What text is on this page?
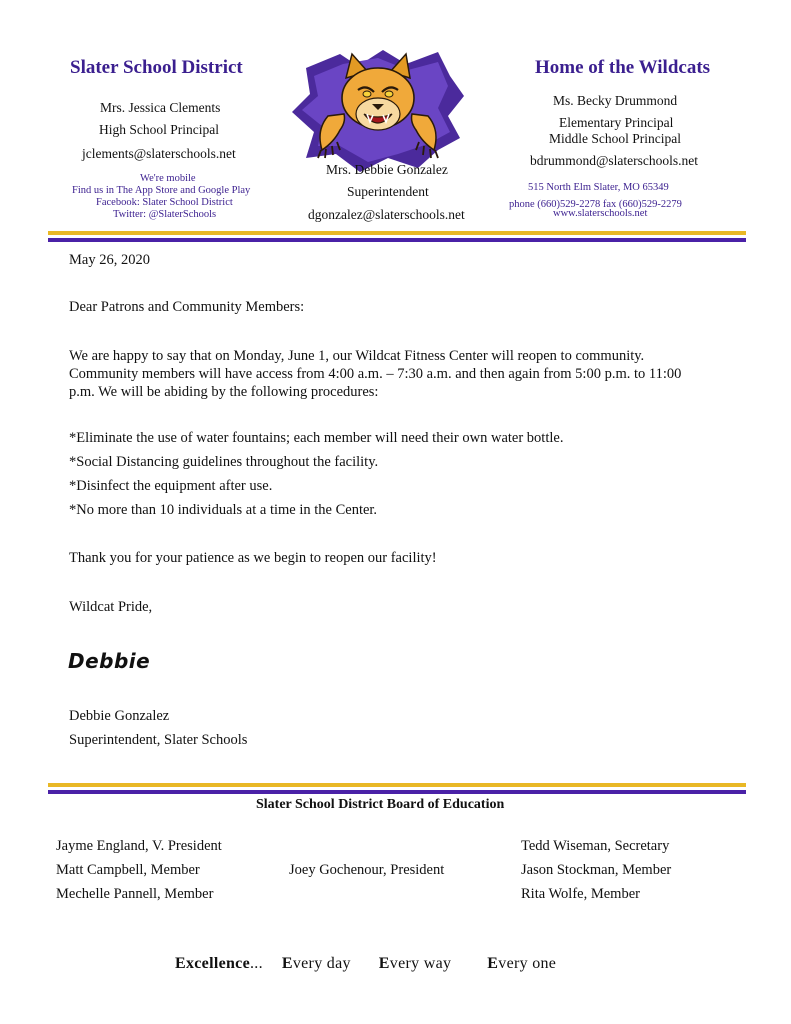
Slater School District
Mrs. Jessica Clements
High School Principal
jclements@slaterschools.net
We're mobile
Find us in The App Store and Google Play
Facebook: Slater School District
Twitter: @SlaterSchools
Mrs. Debbie Gonzalez
Superintendent
dgonzalez@slaterschools.net
Home of the Wildcats
Ms. Becky Drummond
Elementary Principal
Middle School Principal
bdrummond@slaterschools.net
515 North Elm Slater, MO 65349
phone (660)529-2278 fax (660)529-2279
www.slaterschools.net
May 26, 2020
Dear Patrons and Community Members:
We are happy to say that on Monday, June 1, our Wildcat Fitness Center will reopen to community.
Community members will have access from 4:00 a.m. – 7:30 a.m. and then again from 5:00 p.m. to 11:00
p.m. We will be abiding by the following procedures:
*Eliminate the use of water fountains; each member will need their own water bottle.
*Social Distancing guidelines throughout the facility.
*Disinfect the equipment after use.
*No more than 10 individuals at a time in the Center.
Thank you for your patience as we begin to reopen our facility!
Wildcat Pride,
Debbie
Debbie Gonzalez
Superintendent, Slater Schools
Slater School District Board of Education
Jayme England, V. President
Matt Campbell, Member
Mechelle Pannell, Member
Joey Gochenour, President
Tedd Wiseman, Secretary
Jason Stockman, Member
Rita Wolfe, Member
Excellence... Every day Every way Every one
